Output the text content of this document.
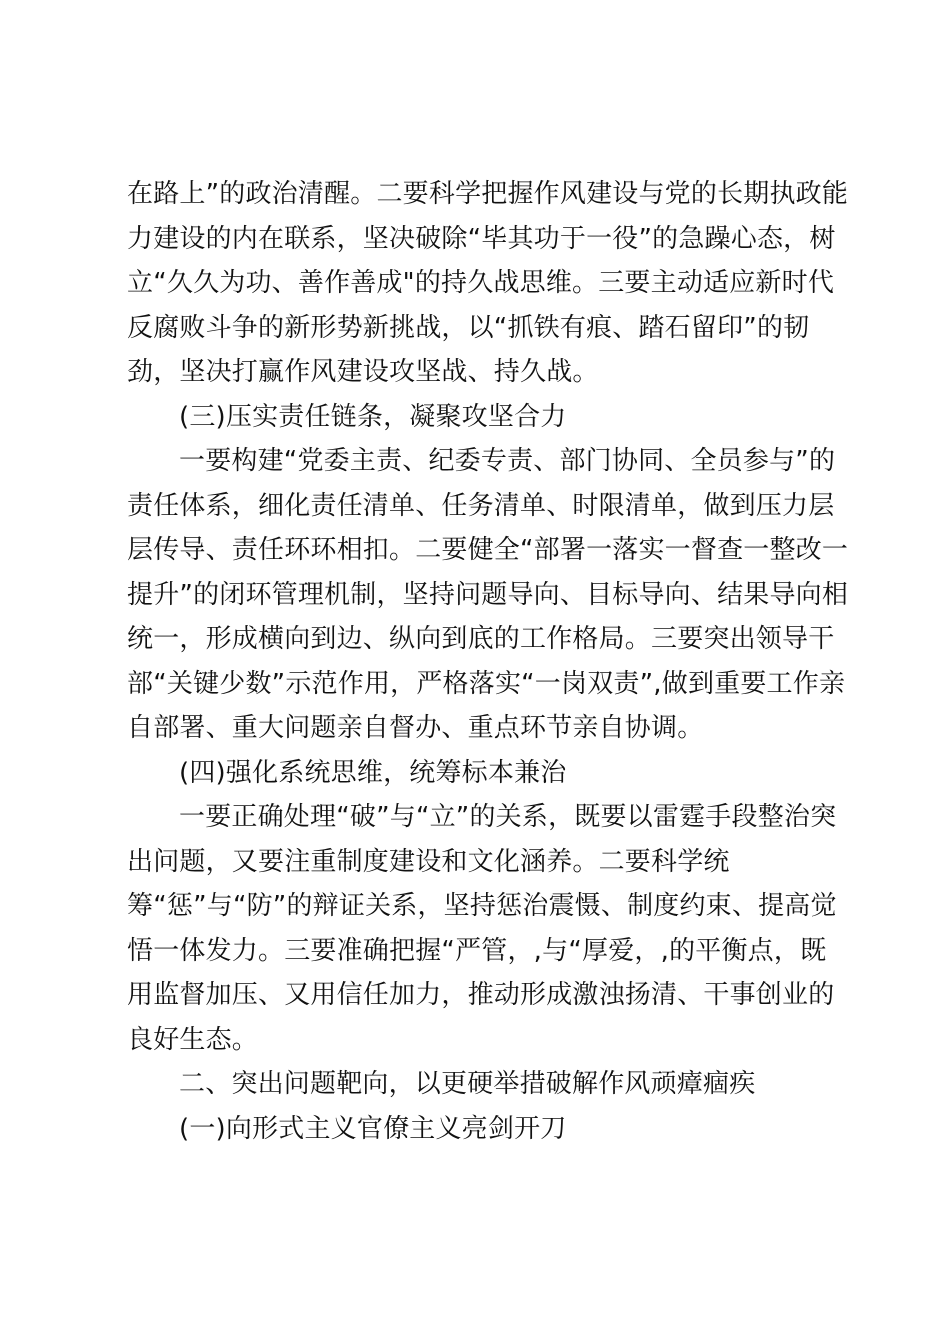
在路上”的政治清醒。二要科学把握作风建设与党的长期执政能
力建设的内在联系，坚决破除“毕其功于一役”的急躁心态，树
立“久久为功、善作善成"的持久战思维。三要主动适应新时代
反腐败斗争的新形势新挑战，以“抓铁有痕、踏石留印”的韧
劲，坚决打赢作风建设攻坚战、持久战。
(三)压实责任链条，凝聚攻坚合力
一要构建“党委主责、纪委专责、部门协同、全员参与”的
责任体系，细化责任清单、任务清单、时限清单，做到压力层
层传导、责任环环相扣。二要健全“部署一落实一督查一整改一
提升”的闭环管理机制，坚持问题导向、目标导向、结果导向相
统一，形成横向到边、纵向到底的工作格局。三要突出领导干
部“关键少数”示范作用，严格落实“一岗双责”,做到重要工作亲
自部署、重大问题亲自督办、重点环节亲自协调。
(四)强化系统思维，统筹标本兼治
一要正确处理“破”与“立”的关系，既要以雷霆手段整治突
出问题，又要注重制度建设和文化涵养。二要科学统
筹“惩”与“防”的辩证关系，坚持惩治震慑、制度约束、提高觉
悟一体发力。三要准确把握“严管，,与“厚爱，,的平衡点，既
用监督加压、又用信任加力，推动形成激浊扬清、干事创业的
良好生态。
二、突出问题靶向，以更硬举措破解作风顽瘴痼疾
(一)向形式主义官僚主义亮剑开刀
